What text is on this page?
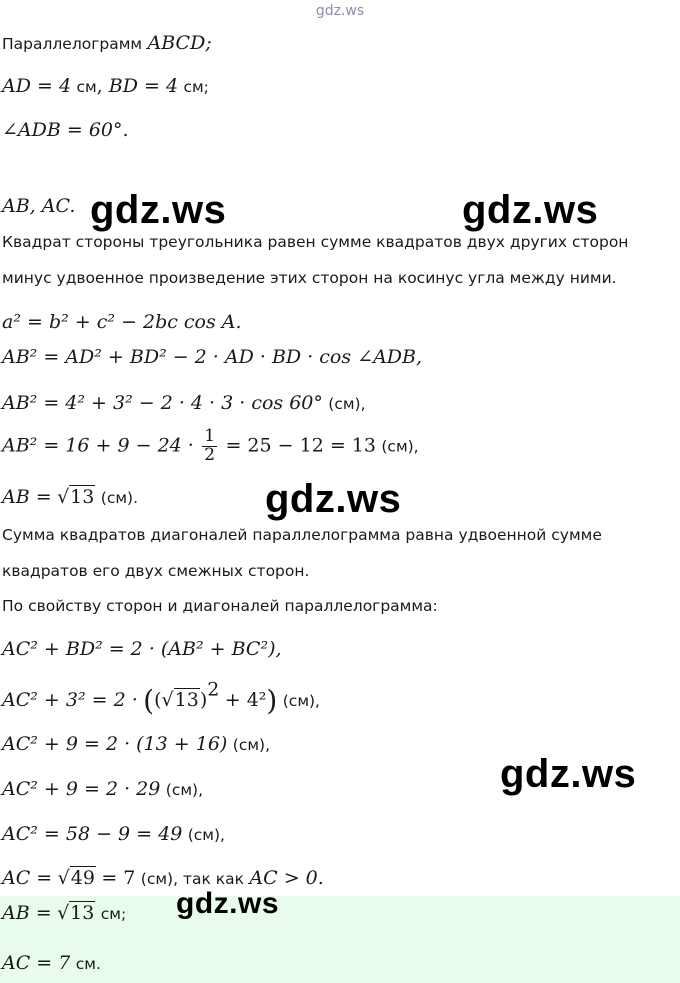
gdz.ws
Параллелограмм ABCD;
AD = 4 см, BD = 4 см;
∠ADB = 60°.
AB, AC.
Квадрат стороны треугольника равен сумме квадратов двух других сторон
минус удвоенное произведение этих сторон на косинус угла между ними.
a² = b² + c² − 2bc cos A.
AB² = AD² + BD² − 2 · AD · BD · cos ∠ADB,
AB² = 4² + 3² − 2 · 4 · 3 · cos 60° (см),
$AB^2 = 16 + 9 - 24 \cdot \frac{1}{2} = 25 - 12 = 13$ (см),
AB = √13 (см).
Сумма квадратов диагоналей параллелограмма равна удвоенной сумме
квадратов его двух смежных сторон.
По свойству сторон и диагоналей параллелограмма:
AC² + BD² = 2 · (AB² + BC²),
$AC^2 + 3^2 = 2 \cdot ((√13)^2 + 4^2)$ (см),
AC² + 9 = 2 · (13 + 16) (см),
AC² + 9 = 2 · 29 (см),
AC² = 58 − 9 = 49 (см),
AC = √49 = 7 (см), так как AC > 0.
AB = √13 см;
AC = 7 см.
gdz.ws	gdz.ws
gdz.ws
gdz.ws
gdz.ws
